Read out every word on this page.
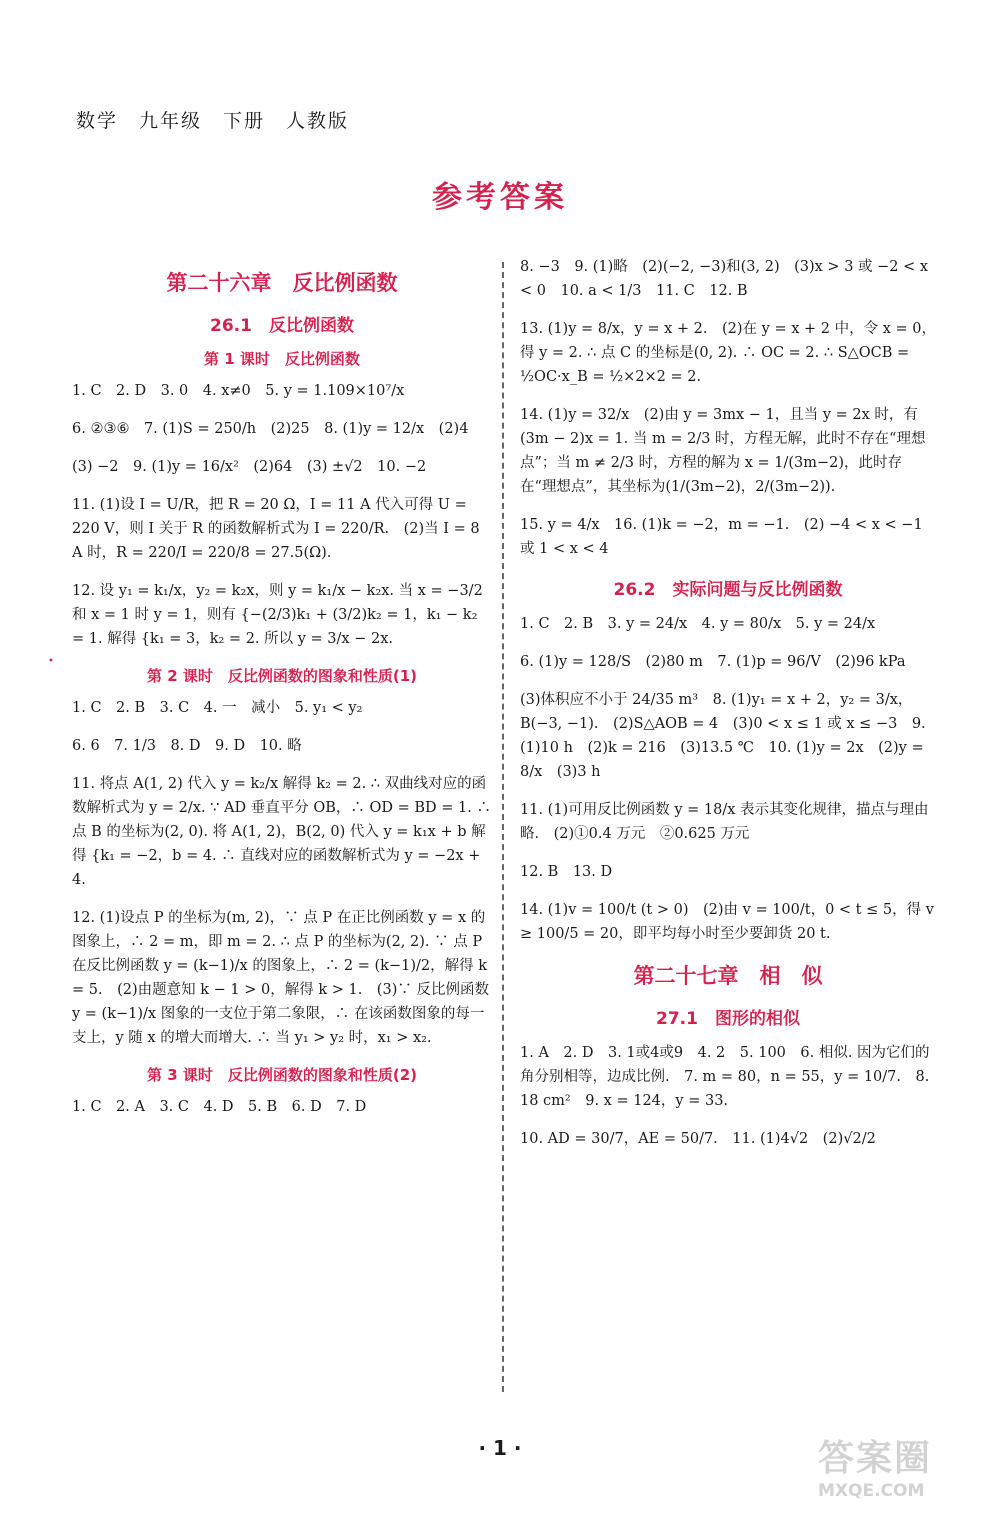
数学　九年级　下册　人教版
参考答案
第二十六章　反比例函数
26.1　反比例函数
第 1 课时　反比例函数
1. C　2. D　3. 0　4. x≠0　5. y = 1.109×10⁷/x
6. ②③⑥　7. (1)S = 250/h　(2)25　8. (1)y = 12/x　(2)4
(3) −2　9. (1)y = 16/x²　(2)64　(3) ±√2　10. −2
11. (1)设 I = U/R，把 R = 20 Ω，I = 11 A 代入可得 U = 220 V，则 I 关于 R 的函数解析式为 I = 220/R.　(2)当 I = 8 A 时，R = 220/I = 220/8 = 27.5(Ω).
12. 设 y₁ = k₁/x，y₂ = k₂x，则 y = k₁/x − k₂x. 当 x = −3/2 和 x = 1 时 y = 1，则有 {−(2/3)k₁ + (3/2)k₂ = 1，k₁ − k₂ = 1. 解得 {k₁ = 3，k₂ = 2. 所以 y = 3/x − 2x.
第 2 课时　反比例函数的图象和性质(1)
1. C　2. B　3. C　4. 一　减小　5. y₁ < y₂
6. 6　7. 1/3　8. D　9. D　10. 略
11. 将点 A(1, 2) 代入 y = k₂/x 解得 k₂ = 2. ∴ 双曲线对应的函数解析式为 y = 2/x. ∵ AD 垂直平分 OB，∴ OD = BD = 1. ∴ 点 B 的坐标为(2, 0). 将 A(1, 2)，B(2, 0) 代入 y = k₁x + b 解得 {k₁ = −2，b = 4. ∴ 直线对应的函数解析式为 y = −2x + 4.
12. (1)设点 P 的坐标为(m, 2)，∵ 点 P 在正比例函数 y = x 的图象上，∴ 2 = m，即 m = 2. ∴ 点 P 的坐标为(2, 2). ∵ 点 P 在反比例函数 y = (k−1)/x 的图象上，∴ 2 = (k−1)/2，解得 k = 5.　(2)由题意知 k − 1 > 0，解得 k > 1.　(3)∵ 反比例函数 y = (k−1)/x 图象的一支位于第二象限，∴ 在该函数图象的每一支上，y 随 x 的增大而增大. ∴ 当 y₁ > y₂ 时，x₁ > x₂.
第 3 课时　反比例函数的图象和性质(2)
1. C　2. A　3. C　4. D　5. B　6. D　7. D
8. −3　9. (1)略　(2)(−2, −3)和(3, 2)　(3)x > 3 或 −2 < x < 0　10. a < 1/3　11. C　12. B
13. (1)y = 8/x，y = x + 2.　(2)在 y = x + 2 中，令 x = 0，得 y = 2. ∴ 点 C 的坐标是(0, 2). ∴ OC = 2. ∴ S△OCB = ½OC·x_B = ½×2×2 = 2.
14. (1)y = 32/x　(2)由 y = 3mx − 1，且当 y = 2x 时，有(3m − 2)x = 1. 当 m = 2/3 时，方程无解，此时不存在“理想点”；当 m ≠ 2/3 时，方程的解为 x = 1/(3m−2)，此时存在“理想点”，其坐标为(1/(3m−2)，2/(3m−2)).
15. y = 4/x　16. (1)k = −2，m = −1.　(2) −4 < x < −1 或 1 < x < 4
26.2　实际问题与反比例函数
1. C　2. B　3. y = 24/x　4. y = 80/x　5. y = 24/x
6. (1)y = 128/S　(2)80 m　7. (1)p = 96/V　(2)96 kPa
(3)体积应不小于 24/35 m³　8. (1)y₁ = x + 2，y₂ = 3/x，B(−3, −1).　(2)S△AOB = 4　(3)0 < x ≤ 1 或 x ≤ −3　9. (1)10 h　(2)k = 216　(3)13.5 ℃　10. (1)y = 2x　(2)y = 8/x　(3)3 h
11. (1)可用反比例函数 y = 18/x 表示其变化规律，描点与理由略.　(2)①0.4 万元　②0.625 万元
12. B　13. D
14. (1)v = 100/t (t > 0)　(2)由 v = 100/t，0 < t ≤ 5，得 v ≥ 100/5 = 20，即平均每小时至少要卸货 20 t.
第二十七章　相　似
27.1　图形的相似
1. A　2. D　3. 1或4或9　4. 2　5. 100　6. 相似. 因为它们的角分别相等，边成比例.　7. m = 80，n = 55，y = 10/7.　8. 18 cm²　9. x = 124，y = 33.
10. AD = 30/7，AE = 50/7.　11. (1)4√2　(2)√2/2
•
· 1 ·	答案圈
MXQE.COM
